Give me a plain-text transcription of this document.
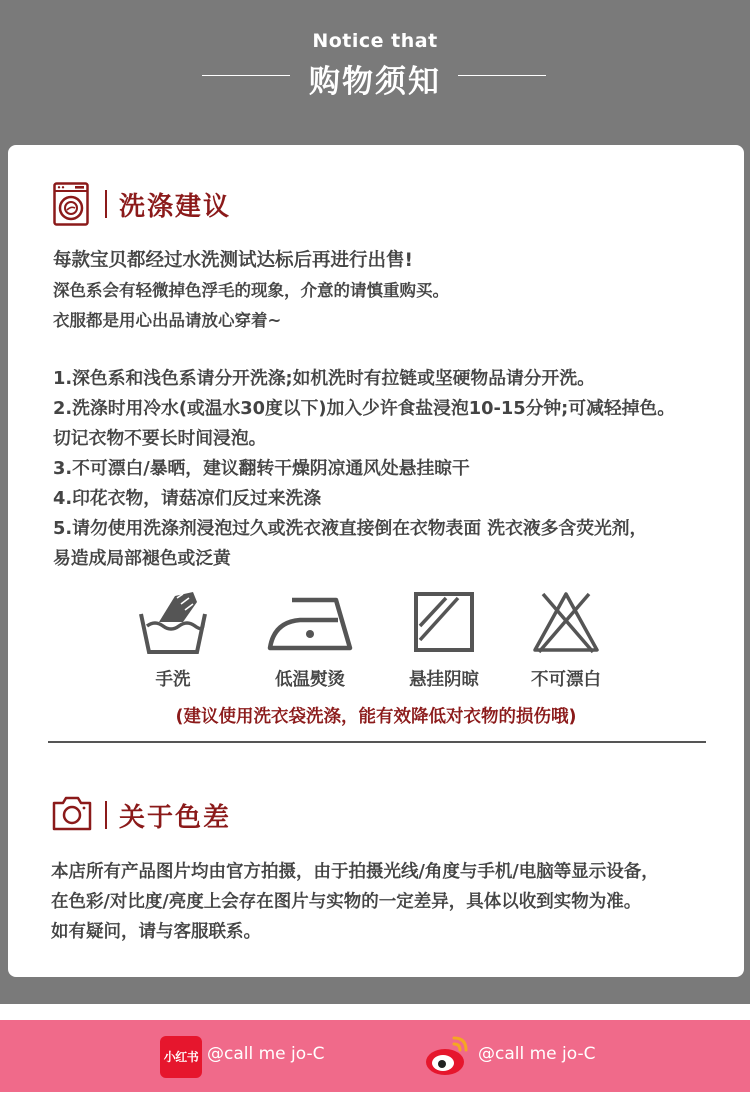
Notice that
购物须知
洗涤建议
每款宝贝都经过水洗测试达标后再进行出售!
深色系会有轻微掉色浮毛的现象，介意的请慎重购买。
衣服都是用心出品请放心穿着~
1.深色系和浅色系请分开洗涤;如机洗时有拉链或坚硬物品请分开洗。
2.洗涤时用冷水(或温水30度以下)加入少许食盐浸泡10-15分钟;可减轻掉色。
切记衣物不要长时间浸泡。
3.不可漂白/暴晒，建议翻转干燥阴凉通风处悬挂晾干
4.印花衣物，请菇凉们反过来洗涤
5.请勿使用洗涤剂浸泡过久或洗衣液直接倒在衣物表面 洗衣液多含荧光剂，
易造成局部褪色或泛黄
手洗	低温熨烫	悬挂阴晾	不可漂白
(建议使用洗衣袋洗涤，能有效降低对衣物的损伤哦)
关于色差
本店所有产品图片均由官方拍摄，由于拍摄光线/角度与手机/电脑等显示设备，
在色彩/对比度/亮度上会存在图片与实物的一定差异，具体以收到实物为准。
如有疑问，请与客服联系。
小红书 @call me jo-C	@call me jo-C
